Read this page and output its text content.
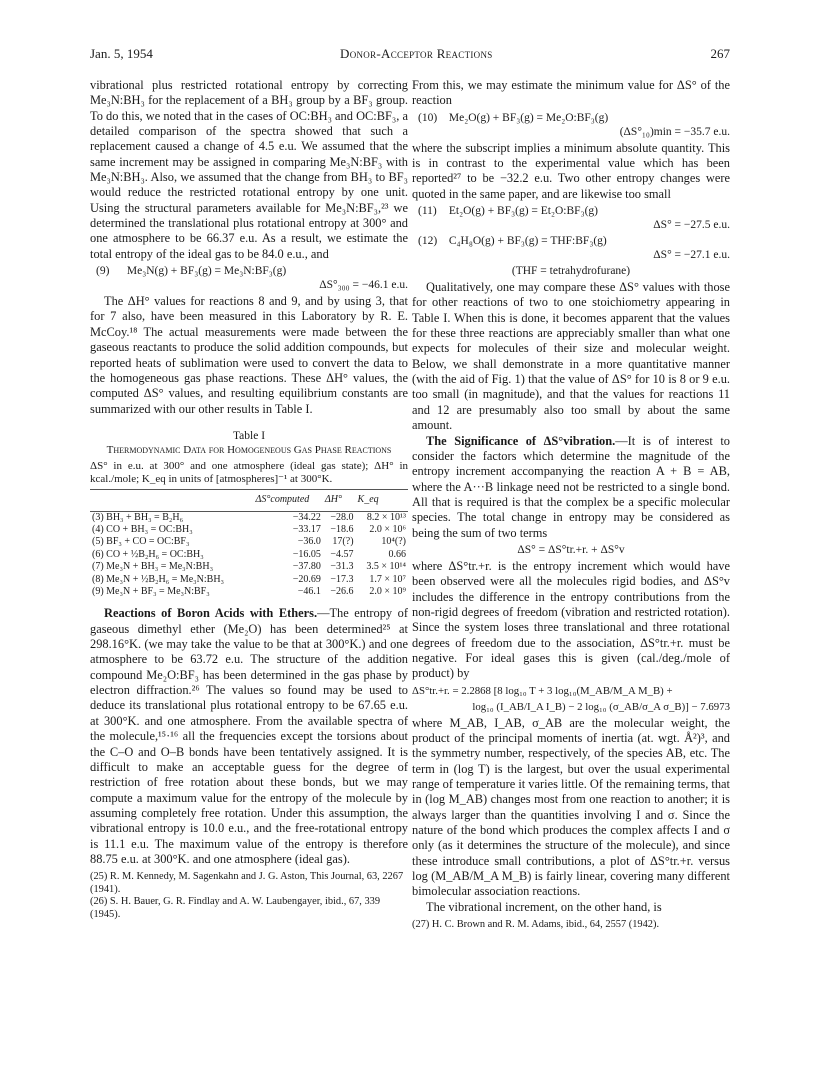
Jan. 5, 1954	Donor-Acceptor Reactions	267

vibrational plus restricted rotational entropy by correcting Me₃N:BH₃ for the replacement of a BH₃ group by a BF₃ group. To do this, we noted that in the cases of OC:BH₃ and OC:BF₃, a detailed comparison of the spectra showed that such a replacement caused a change of 4.5 e.u. We assumed that the same increment may be assigned in comparing Me₃N:BF₃ with Me₃N:BH₃. Also, we assumed that the change from BH₃ to BF₃ would reduce the restricted rotational entropy by one unit. Using the structural parameters available for Me₃N:BF₃,²³ we determined the translational plus rotational entropy at 300° and one atmosphere to be 66.37 e.u. As a result, we estimate the total entropy of the ideal gas to be 84.0 e.u., and

(9) Me₃N(g) + BF₃(g) = Me₃N:BF₃(g)
ΔS°₃₀₀ = −46.1 e.u.

The ΔH° values for reactions 8 and 9, and by using 3, that for 7 also, have been measured in this Laboratory by R. E. McCoy.¹⁸ The actual measurements were made between the gaseous reactants to produce the solid addition compounds, but reported heats of sublimation were used to convert the data to the homogeneous gas phase reactions. These ΔH° values, the computed ΔS° values, and resulting equilibrium constants are summarized with our other results in Table I.

Table I
Thermodynamic Data for Homogeneous Gas Phase Reactions
ΔS° in e.u. at 300° and one atmosphere (ideal gas state); ΔH° in kcal./mole; K_eq in units of [atmospheres]⁻¹ at 300°K.
	ΔS°computed	ΔH°	K_eq
(3) BH₃ + BH₃ = B₂H₆	−34.22	−28.0	8.2 × 10¹³
(4) CO + BH₃ = OC:BH₃	−33.17	−18.6	2.0 × 10⁶
(5) BF₃ + CO = OC:BF₃	−36.0	17(?)	10⁴(?)
(6) CO + ½B₂H₆ = OC:BH₃	−16.05	−4.57	0.66
(7) Me₃N + BH₃ = Me₃N:BH₃	−37.80	−31.3	3.5 × 10¹⁴
(8) Me₃N + ½B₂H₆ = Me₃N:BH₃	−20.69	−17.3	1.7 × 10⁷
(9) Me₃N + BF₃ = Me₃N:BF₃	−46.1	−26.6	2.0 × 10⁹

Reactions of Boron Acids with Ethers.—The entropy of gaseous dimethyl ether (Me₂O) has been determined²⁵ at 298.16°K. (we may take the value to be that at 300°K.) and one atmosphere to be 63.72 e.u. The structure of the addition compound Me₂O:BF₃ has been determined in the gas phase by electron diffraction.²⁶ The values so found may be used to deduce its translational plus rotational entropy to be 67.65 e.u. at 300°K. and one atmosphere. From the available spectra of the molecule,¹⁵·¹⁶ all the frequencies except the torsions about the C–O and O–B bonds have been tentatively assigned. It is difficult to make an acceptable guess for the degree of restriction of free rotation about these bonds, but we may compute a maximum value for the entropy of the molecule by assuming completely free rotation. Under this assumption, the vibrational entropy is 10.0 e.u., and the free-rotational entropy is 11.1 e.u. The maximum value of the entropy is therefore 88.75 e.u. at 300°K. and one atmosphere (ideal gas).

(25) R. M. Kennedy, M. Sagenkahn and J. G. Aston, This Journal, 63, 2267 (1941).

(26) S. H. Bauer, G. R. Findlay and A. W. Laubengayer, ibid., 67, 339 (1945).

From this, we may estimate the minimum value for ΔS° of the reaction

(10) Me₂O(g) + BF₃(g) = Me₂O:BF₃(g)
(ΔS°₁₀)min = −35.7 e.u.

where the subscript implies a minimum absolute quantity. This is in contrast to the experimental value which has been reported²⁷ to be −32.2 e.u. Two other entropy changes were quoted in the same paper, and are likewise too small

(11) Et₂O(g) + BF₃(g) = Et₂O:BF₃(g)
ΔS° = −27.5 e.u.
(12) C₄H₈O(g) + BF₃(g) = THF:BF₃(g)
ΔS° = −27.1 e.u.
(THF = tetrahydrofurane)

Qualitatively, one may compare these ΔS° values with those for other reactions of two to one stoichiometry appearing in Table I. When this is done, it becomes apparent that the values for these three reactions are appreciably smaller than what one expects for molecules of their size and molecular weight. Below, we shall demonstrate in a more quantitative manner (with the aid of Fig. 1) that the value of ΔS° for 10 is 8 or 9 e.u. too small (in magnitude), and that the values for reactions 11 and 12 are presumably also too small by about the same amount.

The Significance of ΔS°vibration.—It is of interest to consider the factors which determine the magnitude of the entropy increment accompanying the reaction A + B = AB, where the A···B linkage need not be restricted to a single bond. All that is required is that the complex be a specific molecular species. The total change in entropy may be considered as being the sum of two terms

ΔS° = ΔS°tr.+r. + ΔS°v

where ΔS°tr.+r. is the entropy increment which would have been observed were all the molecules rigid bodies, and ΔS°v includes the difference in the entropy contributions from the non-rigid degrees of freedom (vibration and restricted rotation). Since the system loses three translational and three rotational degrees of freedom due to the association, ΔS°tr.+r. must be negative. For ideal gases this is given (cal./deg./mole of product) by

ΔS°tr.+r. = 2.2868 [8 log₁₀ T + 3 log₁₀(M_AB/M_A M_B) +
log₁₀ (I_AB/I_A I_B) − 2 log₁₀ (σ_AB/σ_A σ_B)] − 7.6973

where M_AB, I_AB, σ_AB are the molecular weight, the product of the principal moments of inertia (at. wgt. Å²)³, and the symmetry number, respectively, of the species AB, etc. The term in (log T) is the largest, but over the usual experimental range of temperature it varies little. Of the remaining terms, that in (log M_AB) changes most from one reaction to another; it is always larger than the quantities involving I and σ. Since the nature of the bond which produces the complex affects I and σ only (as it determines the structure of the molecule), and since these introduce small contributions, a plot of ΔS°tr.+r. versus log (M_AB/M_A M_B) is fairly linear, covering many different bimolecular association reactions.

The vibrational increment, on the other hand, is

(27) H. C. Brown and R. M. Adams, ibid., 64, 2557 (1942).
